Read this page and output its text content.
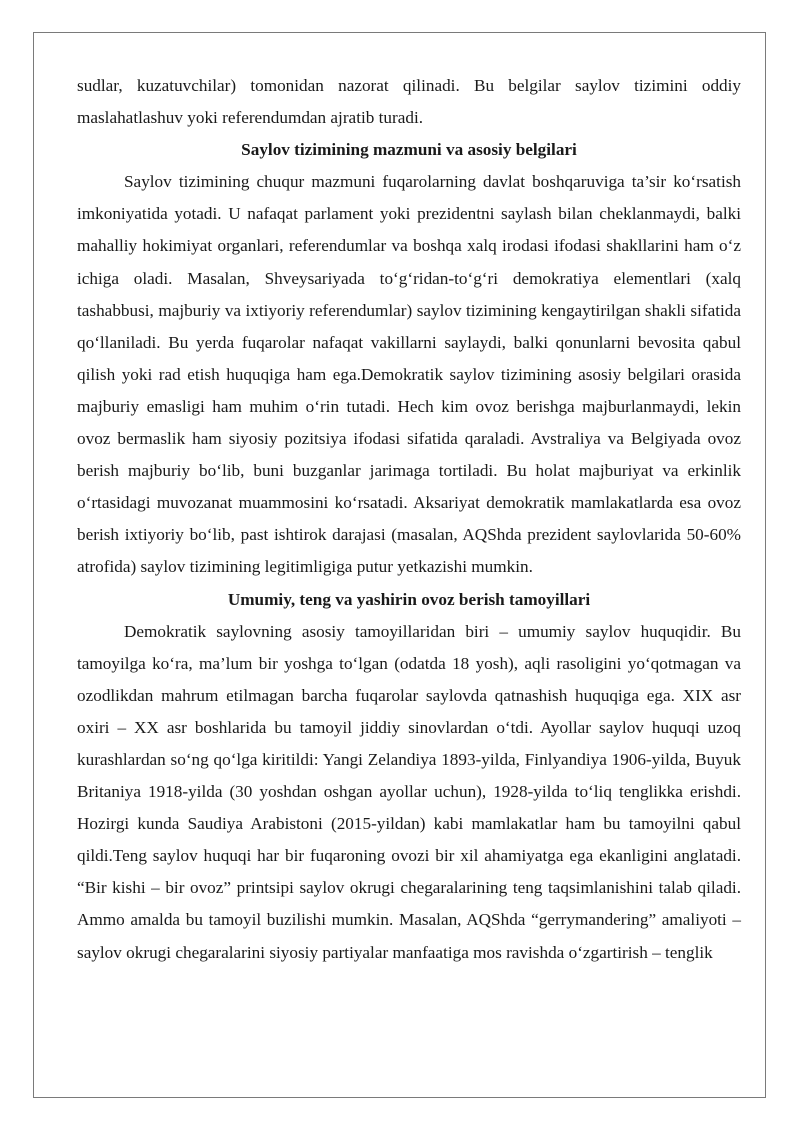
sudlar, kuzatuvchilar) tomonidan nazorat qilinadi. Bu belgilar saylov tizimini oddiy maslahatlashuv yoki referendumdan ajratib turadi.

Saylov tizimining mazmuni va asosiy belgilari

Saylov tizimining chuqur mazmuni fuqarolarning davlat boshqaruviga ta’sir ko‘rsatish imkoniyatida yotadi. U nafaqat parlament yoki prezidentni saylash bilan cheklanmaydi, balki mahalliy hokimiyat organlari, referendumlar va boshqa xalq irodasi ifodasi shakllarini ham o‘z ichiga oladi. Masalan, Shveysariyada to‘g‘ridan-to‘g‘ri demokratiya elementlari (xalq tashabbusi, majburiy va ixtiyoriy referendumlar) saylov tizimining kengaytirilgan shakli sifatida qo‘llaniladi. Bu yerda fuqarolar nafaqat vakillarni saylaydi, balki qonunlarni bevosita qabul qilish yoki rad etish huquqiga ham ega.Demokratik saylov tizimining asosiy belgilari orasida majburiy emasligi ham muhim o‘rin tutadi. Hech kim ovoz berishga majburlanmaydi, lekin ovoz bermaslik ham siyosiy pozitsiya ifodasi sifatida qaraladi. Avstraliya va Belgiyada ovoz berish majburiy bo‘lib, buni buzganlar jarimaga tortiladi. Bu holat majburiyat va erkinlik o‘rtasidagi muvozanat muammosini ko‘rsatadi. Aksariyat demokratik mamlakatlarda esa ovoz berish ixtiyoriy bo‘lib, past ishtirok darajasi (masalan, AQShda prezident saylovlarida 50-60% atrofida) saylov tizimining legitimligiga putur yetkazishi mumkin.

Umumiy, teng va yashirin ovoz berish tamoyillari

Demokratik saylovning asosiy tamoyillaridan biri – umumiy saylov huquqidir. Bu tamoyilga ko‘ra, ma’lum bir yoshga to‘lgan (odatda 18 yosh), aqli rasoligini yo‘qotmagan va ozodlikdan mahrum etilmagan barcha fuqarolar saylovda qatnashish huquqiga ega. XIX asr oxiri – XX asr boshlarida bu tamoyil jiddiy sinovlardan o‘tdi. Ayollar saylov huquqi uzoq kurashlardan so‘ng qo‘lga kiritildi: Yangi Zelandiya 1893-yilda, Finlyandiya 1906-yilda, Buyuk Britaniya 1918-yilda (30 yoshdan oshgan ayollar uchun), 1928-yilda to‘liq tenglikka erishdi. Hozirgi kunda Saudiya Arabistoni (2015-yildan) kabi mamlakatlar ham bu tamoyilni qabul qildi.Teng saylov huquqi har bir fuqaroning ovozi bir xil ahamiyatga ega ekanligini anglatadi. “Bir kishi – bir ovoz” printsipi saylov okrugi chegaralarining teng taqsimlanishini talab qiladi. Ammo amalda bu tamoyil buzilishi mumkin. Masalan, AQShda “gerrymandering” amaliyoti – saylov okrugi chegaralarini siyosiy partiyalar manfaatiga mos ravishda o‘zgartirish – tenglik
